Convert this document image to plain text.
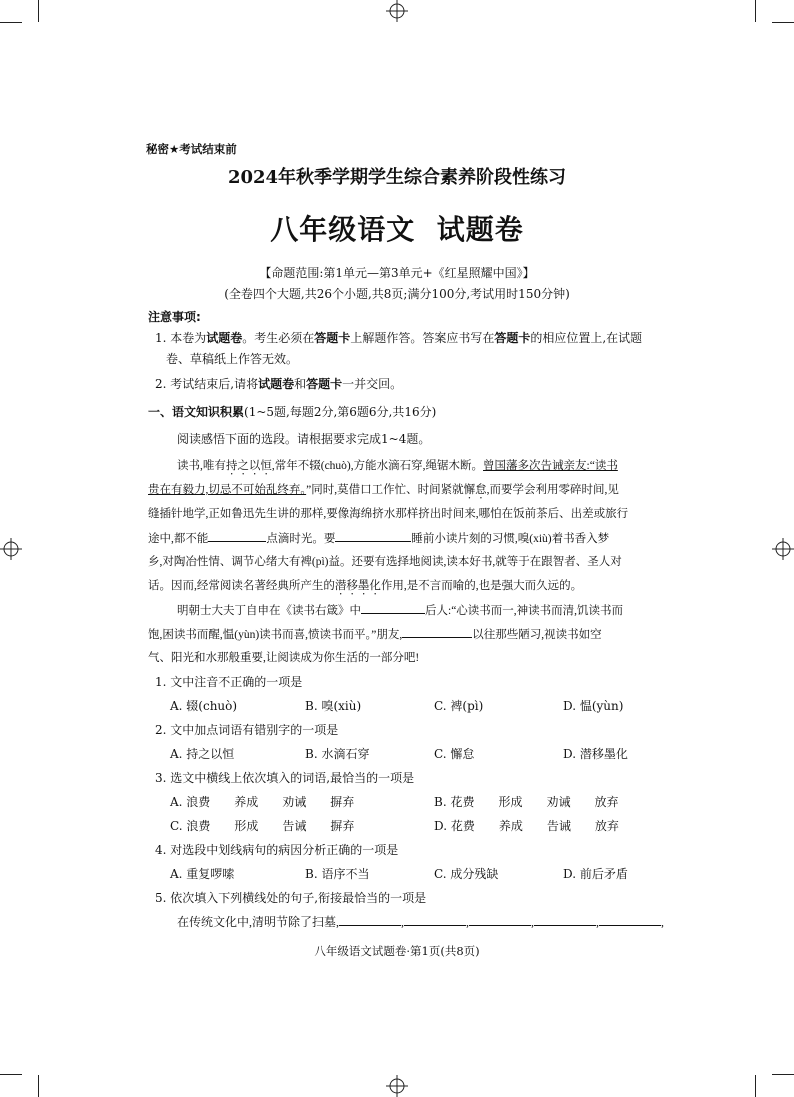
秘密★考试结束前
2024年秋季学期学生综合素养阶段性练习
八年级语文  试题卷
【命题范围:第1单元—第3单元+《红星照耀中国》】
(全卷四个大题,共26个小题,共8页;满分100分,考试用时150分钟)
注意事项:
1. 本卷为试题卷。考生必须在答题卡上解题作答。答案应书写在答题卡的相应位置上,在试题
卷、草稿纸上作答无效。
2. 考试结束后,请将试题卷和答题卡一并交回。
一、语文知识积累(1~5题,每题2分,第6题6分,共16分)
阅读感悟下面的选段。请根据要求完成1~4题。
读书,唯有持之以恒,常年不辍(chuò),方能水滴石穿,绳锯木断。曾国藩多次告诫亲友:“读书
贵在有毅力,切忌不可始乱终弃。”同时,莫借口工作忙、时间紧就懈怠,而要学会利用零碎时间,见
缝插针地学,正如鲁迅先生讲的那样,要像海绵挤水那样挤出时间来,哪怕在饭前茶后、出差或旅行
途中,都不能	点滴时光。要	睡前小读片刻的习惯,嗅(xiù)着书香入梦
乡,对陶冶性情、调节心绪大有裨(pì)益。还要有选择地阅读,读本好书,就等于在跟智者、圣人对
话。因而,经常阅读名著经典所产生的潜移墨化作用,是不言而喻的,也是强大而久远的。
明朝士大夫丁自申在《读书右箴》中	后人:“心读书而一,神读书而清,饥读书而
饱,困读书而醒,愠(yùn)读书而喜,愤读书而平。”朋友,	以往那些陋习,视读书如空
气、阳光和水那般重要,让阅读成为你生活的一部分吧!
1. 文中注音不正确的一项是
A. 辍(chuò)	B. 嗅(xiù)	C. 裨(pì)	D. 愠(yùn)
2. 文中加点词语有错别字的一项是
A. 持之以恒	B. 水滴石穿	C. 懈怠	D. 潜移墨化
3. 选文中横线上依次填入的词语,最恰当的一项是
A. 浪费　　养成　　劝诫　　摒弃	B. 花费　　形成　　劝诫　　放弃
C. 浪费　　形成　　告诫　　摒弃	D. 花费　　养成　　告诫　　放弃
4. 对选段中划线病句的病因分析正确的一项是
A. 重复啰嗦	B. 语序不当	C. 成分残缺	D. 前后矛盾
5. 依次填入下列横线处的句子,衔接最恰当的一项是
在传统文化中,清明节除了扫墓,	,	,	,	,	,
八年级语文试题卷·第1页(共8页)
